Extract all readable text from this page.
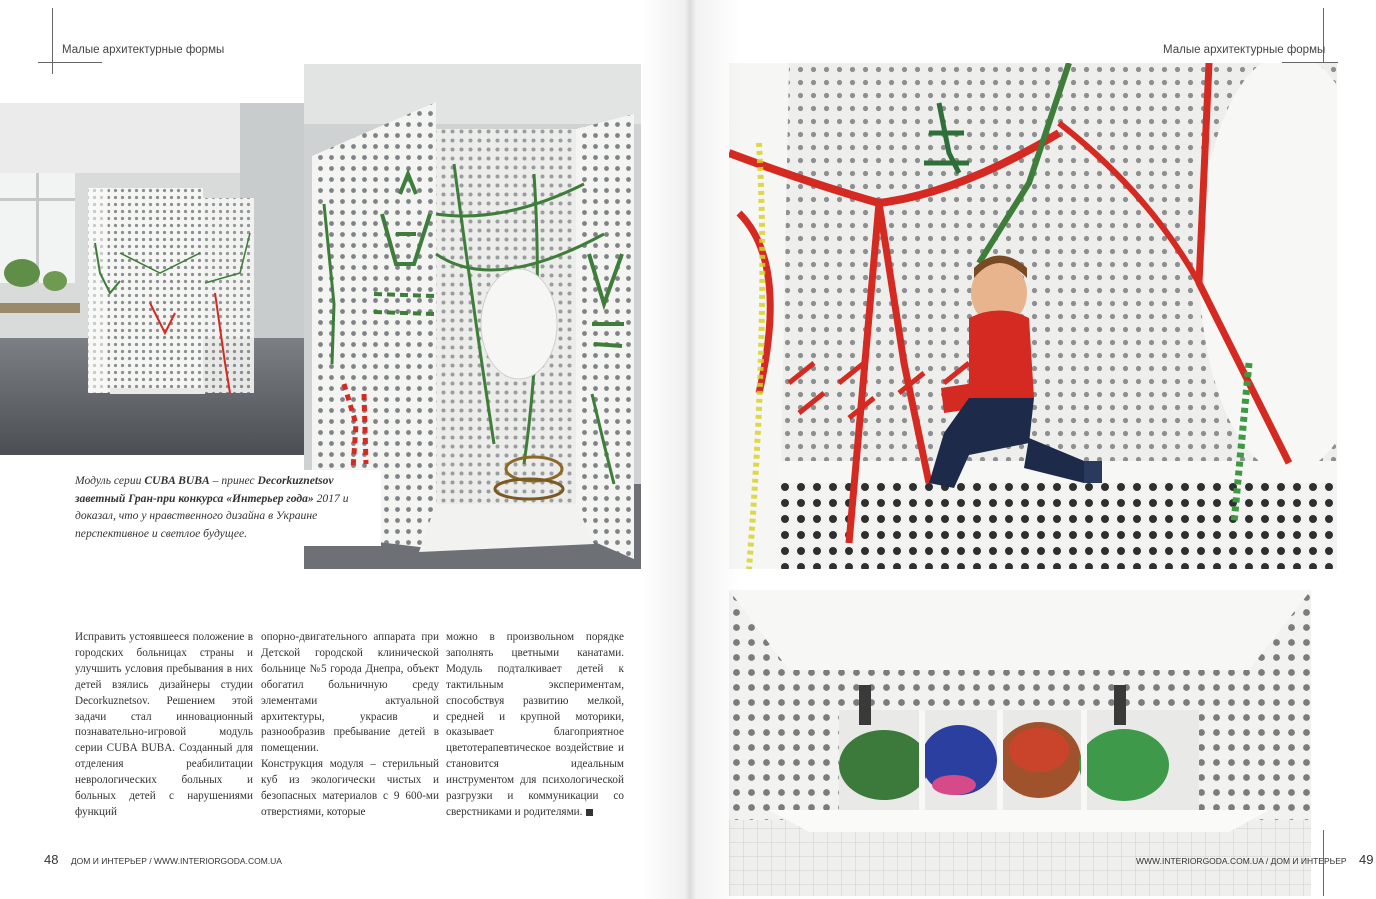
Малые архитектурные формы	Малые архитектурные формы
Модуль серии CUBA BUBA – принес Decorkuznetsov заветный Гран-при конкурса «Интерьер года» 2017 и доказал, что у нравственного дизайна в Украине перспективное и светлое будущее.

Исправить устоявшееся положение в городских больницах страны и улучшить условия пребывания в них детей взялись дизайнеры студии Decorkuznetsov. Решением этой задачи стал инновационный познавательно-игровой модуль серии CUBA BUBA. Созданный для отделения реабилитации неврологических больных и больных детей с нарушениями функций

опорно-двигательного аппарата при Детской городской клинической больнице №5 города Днепра, объект обогатил больничную среду элементами актуальной архитектуры, украсив и разнообразив пребывание детей в помещении.

Конструкция модуля – стерильный куб из экологически чистых и безопасных материалов с 9 600-ми отверстиями, которые

можно в произвольном порядке заполнять цветными канатами. Модуль подталкивает детей к тактильным экспериментам, способствуя развитию мелкой, средней и крупной моторики, оказывает благоприятное цветотерапевтическое воздействие и становится идеальным инструментом для психологической разгрузки и коммуникации со сверстниками и родителями.

48 ДОМ И ИНТЕРЬЕР / WWW.INTERIORGODA.COM.UA	WWW.INTERIORGODA.COM.UA / ДОМ И ИНТЕРЬЕР 49
